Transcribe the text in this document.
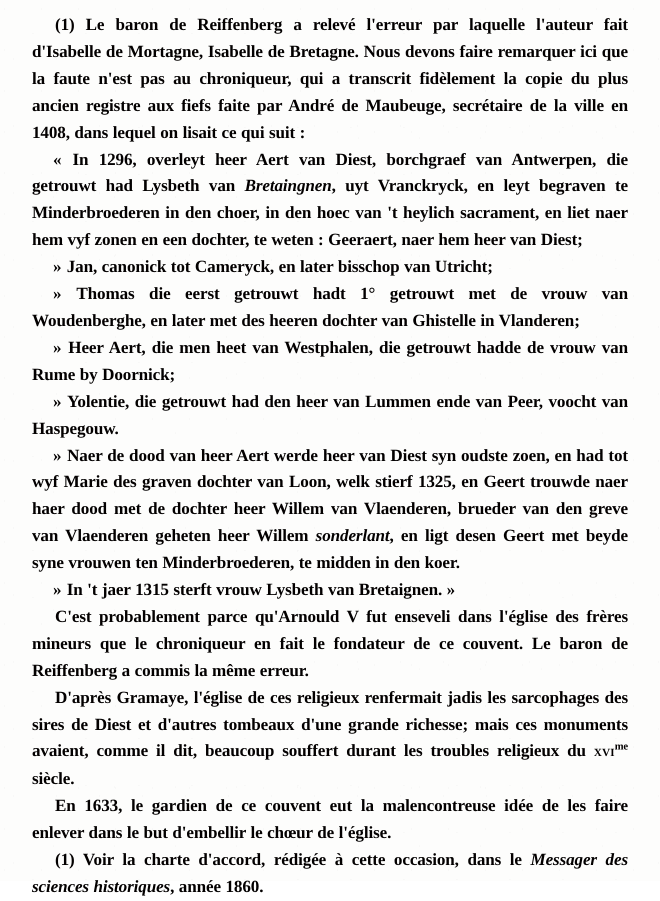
(1) Le baron de Reiffenberg a relevé l'erreur par laquelle l'auteur fait d'Isabelle de Mortagne, Isabelle de Bretagne. Nous devons faire remarquer ici que la faute n'est pas au chroniqueur, qui a transcrit fidèlement la copie du plus ancien registre aux fiefs faite par André de Maubeuge, secrétaire de la ville en 1408, dans lequel on lisait ce qui suit :

« In 1296, overleyt heer Aert van Diest, borchgraef van Antwerpen, die getrouwt had Lysbeth van Bretaingnen, uyt Vranckryck, en leyt begraven te Minderbroederen in den choer, in den hoec van 't heylich sacrament, en liet naer hem vyf zonen en een dochter, te weten : Geeraert, naer hem heer van Diest;

» Jan, canonick tot Cameryck, en later bisschop van Utricht;

» Thomas die eerst getrouwt hadt 1° getrouwt met de vrouw van Woudenberghe, en later met des heeren dochter van Ghistelle in Vlanderen;

» Heer Aert, die men heet van Westphalen, die getrouwt hadde de vrouw van Rume by Doornick;

» Yolentie, die getrouwt had den heer van Lummen ende van Peer, voocht van Haspegouw.

» Naer de dood van heer Aert werde heer van Diest syn oudste zoen, en had tot wyf Marie des graven dochter van Loon, welk stierf 1325, en Geert trouwde naer haer dood met de dochter heer Willem van Vlaenderen, brueder van den greve van Vlaenderen geheten heer Willem sonderlant, en ligt desen Geert met beyde syne vrouwen ten Minderbroederen, te midden in den koer.

» In 't jaer 1315 sterft vrouw Lysbeth van Bretaignen. »

C'est probablement parce qu'Arnould V fut enseveli dans l'église des frères mineurs que le chroniqueur en fait le fondateur de ce couvent. Le baron de Reiffenberg a commis la même erreur.

D'après Gramaye, l'église de ces religieux renfermait jadis les sarcophages des sires de Diest et d'autres tombeaux d'une grande richesse; mais ces monuments avaient, comme il dit, beaucoup souffert durant les troubles religieux du xvi$^{me}$ siècle.

En 1633, le gardien de ce couvent eut la malencontreuse idée de les faire enlever dans le but d'embellir le chœur de l'église.

(1) Voir la charte d'accord, rédigée à cette occasion, dans le Messager des sciences historiques, année 1860.
